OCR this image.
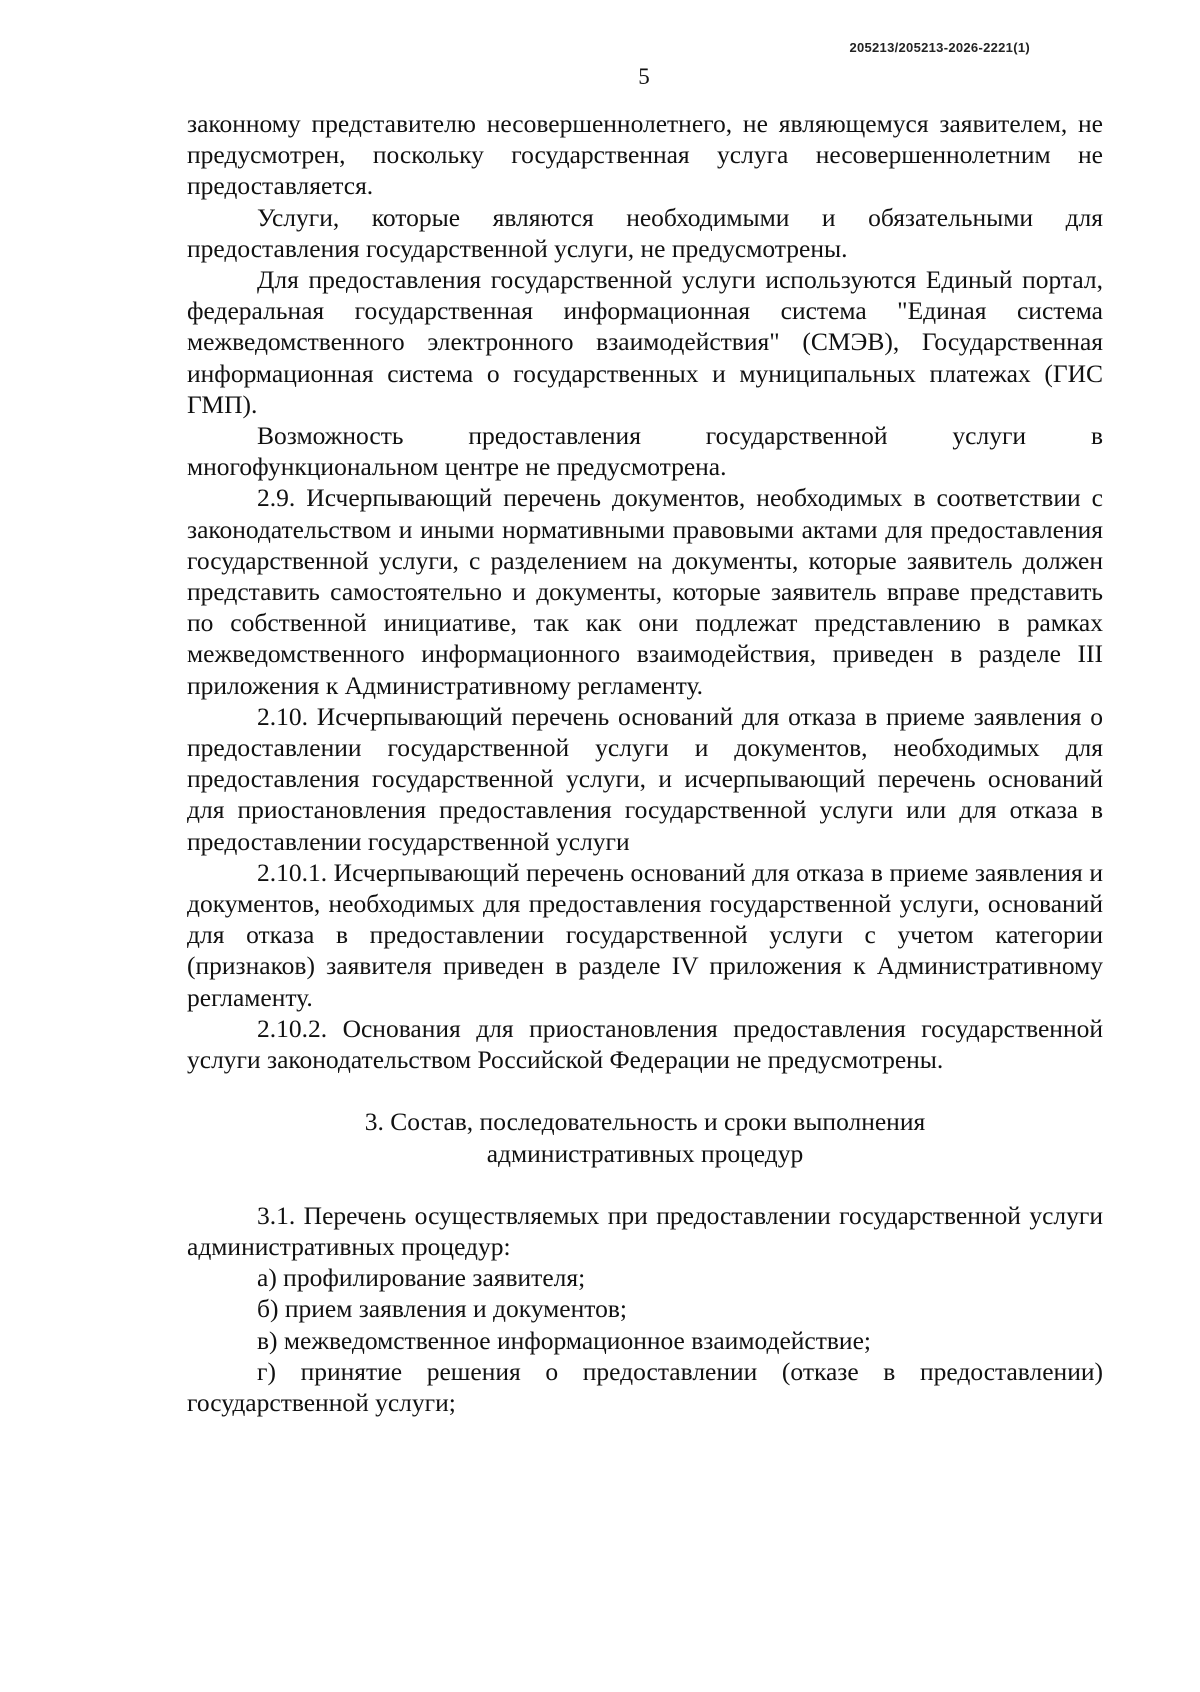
205213/205213-2026-2221(1)
5

законному представителю несовершеннолетнего, не являющемуся заявителем, не предусмотрен, поскольку государственная услуга несовершеннолетним не предоставляется.

Услуги, которые являются необходимыми и обязательными для предоставления государственной услуги, не предусмотрены.

Для предоставления государственной услуги используются Единый портал, федеральная государственная информационная система "Единая система межведомственного электронного взаимодействия" (СМЭВ), Государственная информационная система о государственных и муниципальных платежах (ГИС ГМП).

Возможность предоставления государственной услуги в многофункциональном центре не предусмотрена.

2.9. Исчерпывающий перечень документов, необходимых в соответствии с законодательством и иными нормативными правовыми актами для предоставления государственной услуги, с разделением на документы, которые заявитель должен представить самостоятельно и документы, которые заявитель вправе представить по собственной инициативе, так как они подлежат представлению в рамках межведомственного информационного взаимодействия, приведен в разделе III приложения к Административному регламенту.

2.10. Исчерпывающий перечень оснований для отказа в приеме заявления о предоставлении государственной услуги и документов, необходимых для предоставления государственной услуги, и исчерпывающий перечень оснований для приостановления предоставления государственной услуги или для отказа в предоставлении государственной услуги

2.10.1. Исчерпывающий перечень оснований для отказа в приеме заявления и документов, необходимых для предоставления государственной услуги, оснований для отказа в предоставлении государственной услуги с учетом категории (признаков) заявителя приведен в разделе IV приложения к Административному регламенту.

2.10.2. Основания для приостановления предоставления государственной услуги законодательством Российской Федерации не предусмотрены.

3. Состав, последовательность и сроки выполнения

административных процедур

3.1. Перечень осуществляемых при предоставлении государственной услуги административных процедур:

а) профилирование заявителя;

б) прием заявления и документов;

в) межведомственное информационное взаимодействие;

г) принятие решения о предоставлении (отказе в предоставлении) государственной услуги;
